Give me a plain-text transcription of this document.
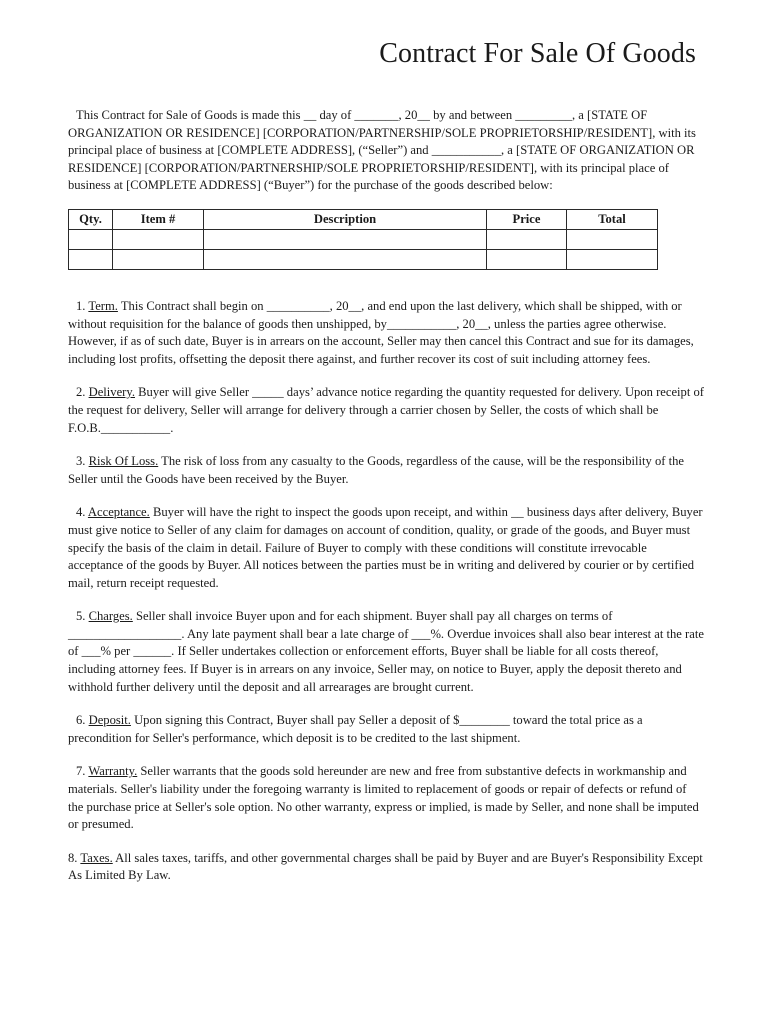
Contract For Sale Of Goods

This Contract for Sale of Goods is made this __ day of _______, 20__ by and between _________, a [STATE OF ORGANIZATION OR RESIDENCE] [CORPORATION/PARTNERSHIP/SOLE PROPRIETORSHIP/RESIDENT], with its principal place of business at [COMPLETE ADDRESS], (“Seller”) and ___________, a [STATE OF ORGANIZATION OR RESIDENCE] [CORPORATION/PARTNERSHIP/SOLE PROPRIETORSHIP/RESIDENT], with its principal place of business at [COMPLETE ADDRESS] (“Buyer”) for the purchase of the goods described below:

Qty.	Item #	Description	Price	Total

1. Term. This Contract shall begin on __________, 20__, and end upon the last delivery, which shall be shipped, with or without requisition for the balance of goods then unshipped, by___________, 20__, unless the parties agree otherwise. However, if as of such date, Buyer is in arrears on the account, Seller may then cancel this Contract and sue for its damages, including lost profits, offsetting the deposit there against, and further recover its cost of suit including attorney fees.

2. Delivery. Buyer will give Seller _____ days’ advance notice regarding the quantity requested for delivery. Upon receipt of the request for delivery, Seller will arrange for delivery through a carrier chosen by Seller, the costs of which shall be F.O.B.___________.

3. Risk Of Loss. The risk of loss from any casualty to the Goods, regardless of the cause, will be the responsibility of the Seller until the Goods have been received by the Buyer.

4. Acceptance. Buyer will have the right to inspect the goods upon receipt, and within __ business days after delivery, Buyer must give notice to Seller of any claim for damages on account of condition, quality, or grade of the goods, and Buyer must specify the basis of the claim in detail. Failure of Buyer to comply with these conditions will constitute irrevocable acceptance of the goods by Buyer. All notices between the parties must be in writing and delivered by courier or by certified mail, return receipt requested.

5. Charges. Seller shall invoice Buyer upon and for each shipment. Buyer shall pay all charges on terms of __________________. Any late payment shall bear a late charge of ___%. Overdue invoices shall also bear interest at the rate of ___% per ______. If Seller undertakes collection or enforcement efforts, Buyer shall be liable for all costs thereof, including attorney fees. If Buyer is in arrears on any invoice, Seller may, on notice to Buyer, apply the deposit thereto and withhold further delivery until the deposit and all arrearages are brought current.

6. Deposit. Upon signing this Contract, Buyer shall pay Seller a deposit of $________ toward the total price as a precondition for Seller's performance, which deposit is to be credited to the last shipment.

7. Warranty. Seller warrants that the goods sold hereunder are new and free from substantive defects in workmanship and materials. Seller's liability under the foregoing warranty is limited to replacement of goods or repair of defects or refund of the purchase price at Seller's sole option. No other warranty, express or implied, is made by Seller, and none shall be imputed or presumed.

8. Taxes. All sales taxes, tariffs, and other governmental charges shall be paid by Buyer and are Buyer's Responsibility Except As Limited By Law.
